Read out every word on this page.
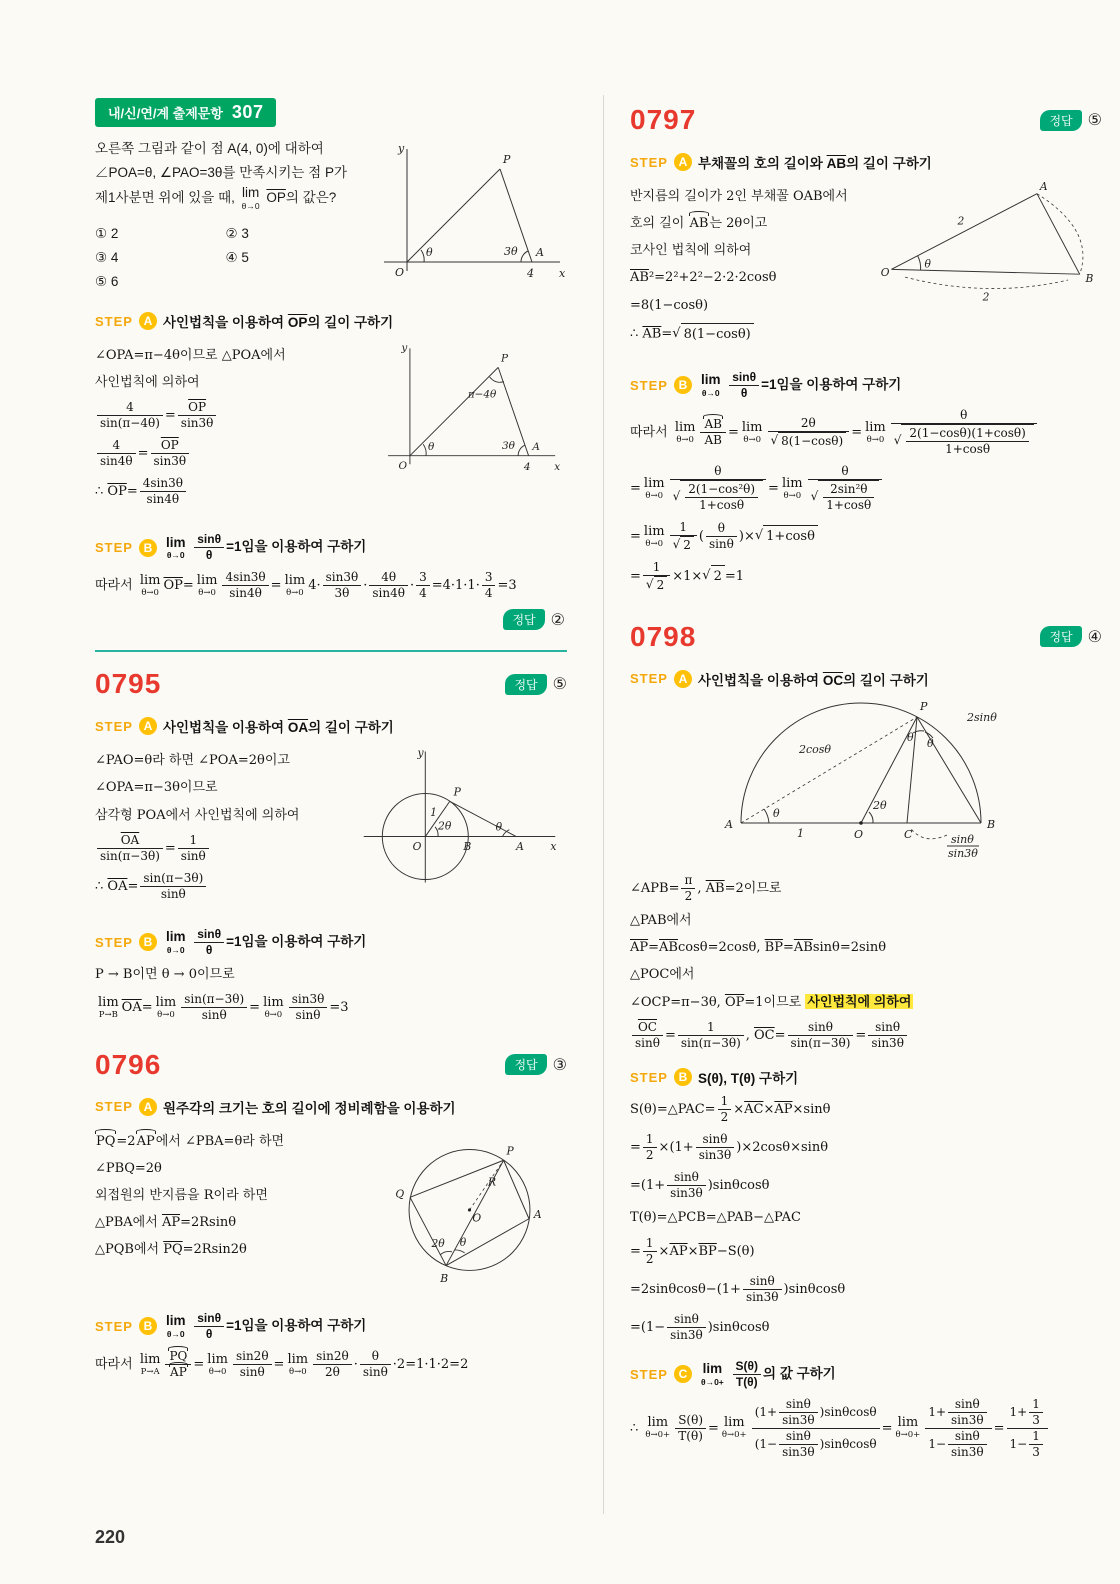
내/신/연/계 출제문항 307
오른쪽 그림과 같이 점 A(4, 0)에 대하여 ∠POA=θ, ∠PAO=3θ를 만족시키는 점 P가 제1사분면 위에 있을 때, lim
θ→0
$\overline{OP}$의 값은?
① 2	② 3
③ 4	④ 5
⑤ 6
y
x
P
O
A
4
θ	3θ
STEP A 사인법칙을 이용하여 $\overline{OP}$의 길이 구하기
∠OPA=π−4θ이므로 △POA에서
사인법칙에 의하여
$\frac{4}{\sin(\pi-4\theta)} = \frac{\overline{OP}}{\sin 3\theta}$
$\frac{4}{\sin 4\theta} = \frac{\overline{OP}}{\sin 3\theta}$
∴ $\overline{OP}= \frac{4\sin 3\theta}{\sin 4\theta}$
y
x
P
O
A
4
θ	3θ
π−4θ
STEP B	lim
θ→0
$\frac{\sin\theta}{\theta} =1$임을 이용하여 구하기
따라서 lim
θ→0 $\overline{OP}= \lim$
$\theta\to 0 \frac{4\sin 3\theta}{\sin 4\theta} = \lim$
θ→0 $4\cdot \frac{\sin 3\theta}{3\theta} \cdot \frac{4\theta}{\sin 4\theta} \cdot \frac{3}{4} =4\cdot 1\cdot 1\cdot \frac{3}{4} =3$
정답 ②
0795	정답 ⑤
STEP A 사인법칙을 이용하여 $\overline{OA}$의 길이 구하기
∠PAO=θ라 하면 ∠POA=2θ이고
∠OPA=π−3θ이므로
삼각형 POA에서 사인법칙에 의하여
$\frac{\overline{OA}}{\sin(\pi-3\theta)} = \frac{1}{\sin\theta}$
∴ $\overline{OA}= \frac{\sin(\pi-3\theta)}{\sin\theta}$
y
x
P
O	B	A
1
2θ	θ
STEP B	lim
θ→0
$\frac{\sin\theta}{\theta} =1$임을 이용하여 구하기
P → B이면 θ → 0이므로
lim
P→B $\overline{OA}= \lim$
$\theta\to 0 \frac{\sin(\pi-3\theta)}{\sin\theta} = \lim$
$\theta\to 0 \frac{\sin 3\theta}{\sin\theta} =3$
0796	정답 ③
STEP A 원주각의 크기는 호의 길이에 정비례함을 이용하기
PQ=2AP에서 ∠PBA=θ라 하면
∠PBQ=2θ
외접원의 반지름을 R이라 하면
△PBA에서 $\overline{AP}=2Rsin\theta$
△PQB에서 $\overline{PQ}=2Rsin2\theta$
P
Q
A
B
O
R
2θ θ
STEP B	lim
θ→0
$\frac{\sin\theta}{\theta} =1$임을 이용하여 구하기
따라서 lim
$P\to A \frac{PQ}{AP} = \lim$
$\theta\to 0 \frac{\sin 2\theta}{\sin\theta} = \lim$
$\theta\to 0 \frac{\sin 2\theta}{2\theta} \cdot \frac{\theta}{\sin\theta} \cdot 2=1\cdot 1\cdot 2=2$
0797	정답 ⑤
STEP A 부채꼴의 호의 길이와 $\overline{AB}$의 길이 구하기
반지름의 길이가 2인 부채꼴 OAB에서
호의 길이 AB는 2θ이고
코사인 법칙에 의하여
$\overline{AB}^2=2^2+2^2-2\cdot 2\cdot 2\cos\theta$
=8(1−cosθ)
∴ $\overline{AB}=√$ 8(1−cosθ)
O
A
B
2
2
θ
STEP B	lim
θ→0
$\frac{\sin\theta}{\theta} =1$임을 이용하여 구하기
따라서 lim
$\theta\to 0 \frac{AB}{AB} = \lim$
$\theta\to 0 \frac{2\theta}{√ 8(1-\cos\theta)} = \lim$
$\theta\to 0 \frac{\theta}{√ \frac{2(1-\cos\theta)(1+\cos\theta)}{1+\cos\theta}}$
= lim
$\theta\to 0 \frac{\theta}{√ \frac{\text{2(1−cos²θ)}}{1+\cos\theta}} = \lim$
$\theta\to 0 \frac{\theta}{√ \frac{\text{2sin²θ}}{1+\cos\theta}}$
= lim
$\theta\to 0 \frac{1}{√ 2}$ ( $\frac{\theta}{\sin\theta}$ )×√ 1+cosθ
= $\frac{1}{√ 2} \times 1\times√$ 2 =1
0798	정답 ④
STEP A 사인법칙을 이용하여 $\overline{OC}$의 길이 구하기
A	B
O	C
P
1
θ
θ θ
2θ
2cosθ
2sinθ
sinθ
sin3θ
∠APB= $\frac{\pi}{2}$ , $\overline{AB}=2$이므로
△PAB에서
$\overline{AP}=\overline{AB}\cos\theta=2\cos\theta$, $\overline{BP}=\overline{AB}\sin\theta=2\sin\theta$
△POC에서
∠OCP=π−3θ, $\overline{OP}=1$이므로 사인법칙에 의하여
$\frac{\overline{OC}}{\sin\theta} = \frac{1}{\sin(\pi-3\theta)}$ , $\overline{OC}= \frac{\sin\theta}{\sin(\pi-3\theta)} = \frac{\sin\theta}{\sin 3\theta}$
STEP B S(θ), T(θ) 구하기
S(θ)=△PAC= $\frac{1}{2} \times\overline{AC}\times\overline{AP}\times\sin\theta$
= $\frac{1}{2} \times(1+ \frac{\sin\theta}{\sin 3\theta} )\times 2\cos\theta\times\sin\theta$
$=(1+ \frac{\sin\theta}{\sin 3\theta} )\sin\theta\cos\theta$
T(θ)=△PCB=△PAB−△PAC
= $\frac{1}{2} \times\overline{AP}\times\overline{BP}-S(\theta)$
$=2\sin\theta\cos\theta-(1+ \frac{\sin\theta}{\sin 3\theta} )\sin\theta\cos\theta$
$=(1- \frac{\sin\theta}{\sin 3\theta} )\sin\theta\cos\theta$
STEP C	lim
θ→0+
$\frac{S(\theta)}{T(\theta)}$ 의 값 구하기
∴ lim
$\theta\to 0+ \frac{S(\theta)}{T(\theta)} = \lim$
$\theta\to 0+ \frac{(1+ \frac{\sin\theta}{\sin 3\theta} )\sin\theta\cos\theta}{(1- \frac{\sin\theta}{\sin 3\theta} )\sin\theta\cos\theta} = \lim$
$\theta\to 0+ \frac{1+ \frac{\sin\theta}{\sin 3\theta}}{1- \frac{\sin\theta}{\sin 3\theta}} = \frac{1+ \frac{1}{3}}{1- \frac{1}{3}}$
220
